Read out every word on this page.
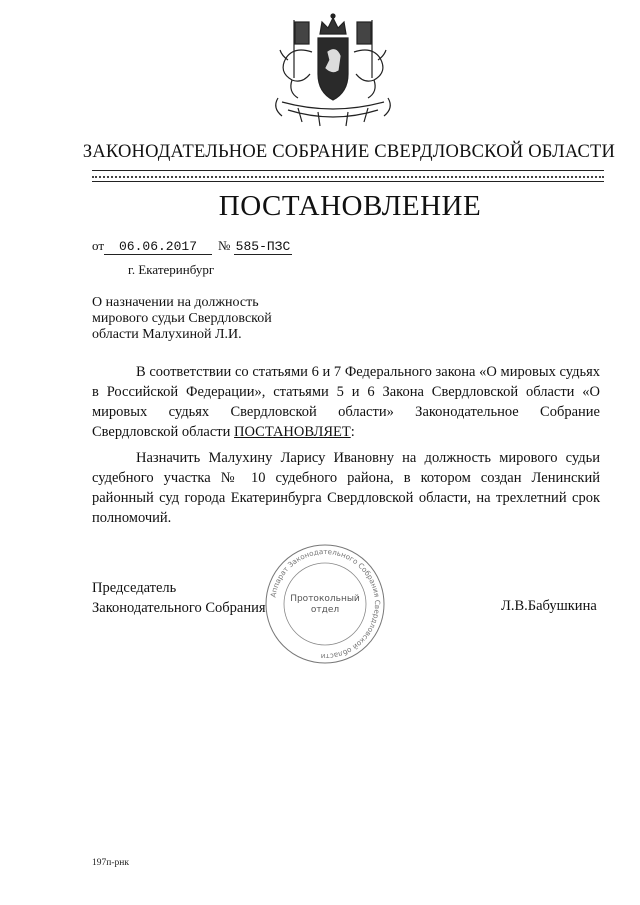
ЗАКОНОДАТЕЛЬНОЕ СОБРАНИЕ СВЕРДЛОВСКОЙ ОБЛАСТИ
ПОСТАНОВЛЕНИЕ
от 06.06.2017 № 585-ПЗС
г. Екатеринбург
О назначении на должность
мирового судьи Свердловской
области Малухиной Л.И.

В соответствии со статьями 6 и 7 Федерального закона «О мировых судьях в Российской Федерации», статьями 5 и 6 Закона Свердловской области «О мировых судьях Свердловской области» Законодательное Собрание Свердловской области ПОСТАНОВЛЯЕТ:

Назначить Малухину Ларису Ивановну на должность мирового судьи судебного участка № 10 судебного района, в котором создан Ленинский районный суд города Екатеринбурга Свердловской области, на трехлетний срок полномочий.

Аппарат Законодательного Собрания Свердловской области
Протокольный
отдел
Председатель
Законодательного Собрания	Л.В.Бабушкина
197п-рнк
